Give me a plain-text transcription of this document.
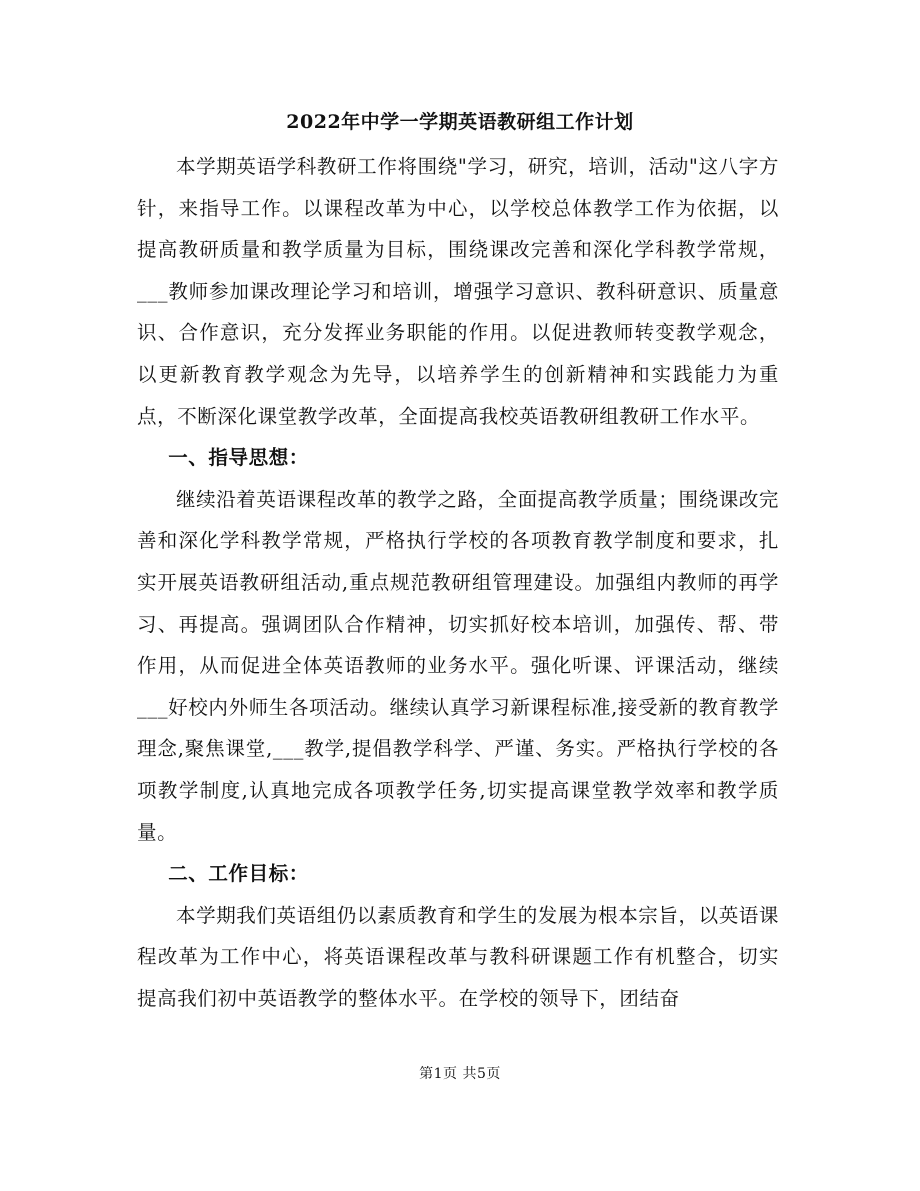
2022年中学一学期英语教研组工作计划

本学期英语学科教研工作将围绕"学习，研究，培训，活动"这八字方针，来指导工作。以课程改革为中心，以学校总体教学工作为依据，以提高教研质量和教学质量为目标，围绕课改完善和深化学科教学常规，___教师参加课改理论学习和培训，增强学习意识、教科研意识、质量意识、合作意识，充分发挥业务职能的作用。以促进教师转变教学观念，以更新教育教学观念为先导，以培养学生的创新精神和实践能力为重点，不断深化课堂教学改革，全面提高我校英语教研组教研工作水平。

一、指导思想：

继续沿着英语课程改革的教学之路，全面提高教学质量；围绕课改完善和深化学科教学常规，严格执行学校的各项教育教学制度和要求，扎实开展英语教研组活动,重点规范教研组管理建设。加强组内教师的再学习、再提高。强调团队合作精神，切实抓好校本培训，加强传、帮、带作用，从而促进全体英语教师的业务水平。强化听课、评课活动，继续___好校内外师生各项活动。继续认真学习新课程标准,接受新的教育教学理念,聚焦课堂,___教学,提倡教学科学、严谨、务实。严格执行学校的各项教学制度,认真地完成各项教学任务,切实提高课堂教学效率和教学质量。

二、工作目标：

本学期我们英语组仍以素质教育和学生的发展为根本宗旨，以英语课程改革为工作中心，将英语课程改革与教科研课题工作有机整合，切实提高我们初中英语教学的整体水平。在学校的领导下，团结奋

第1页 共5页
